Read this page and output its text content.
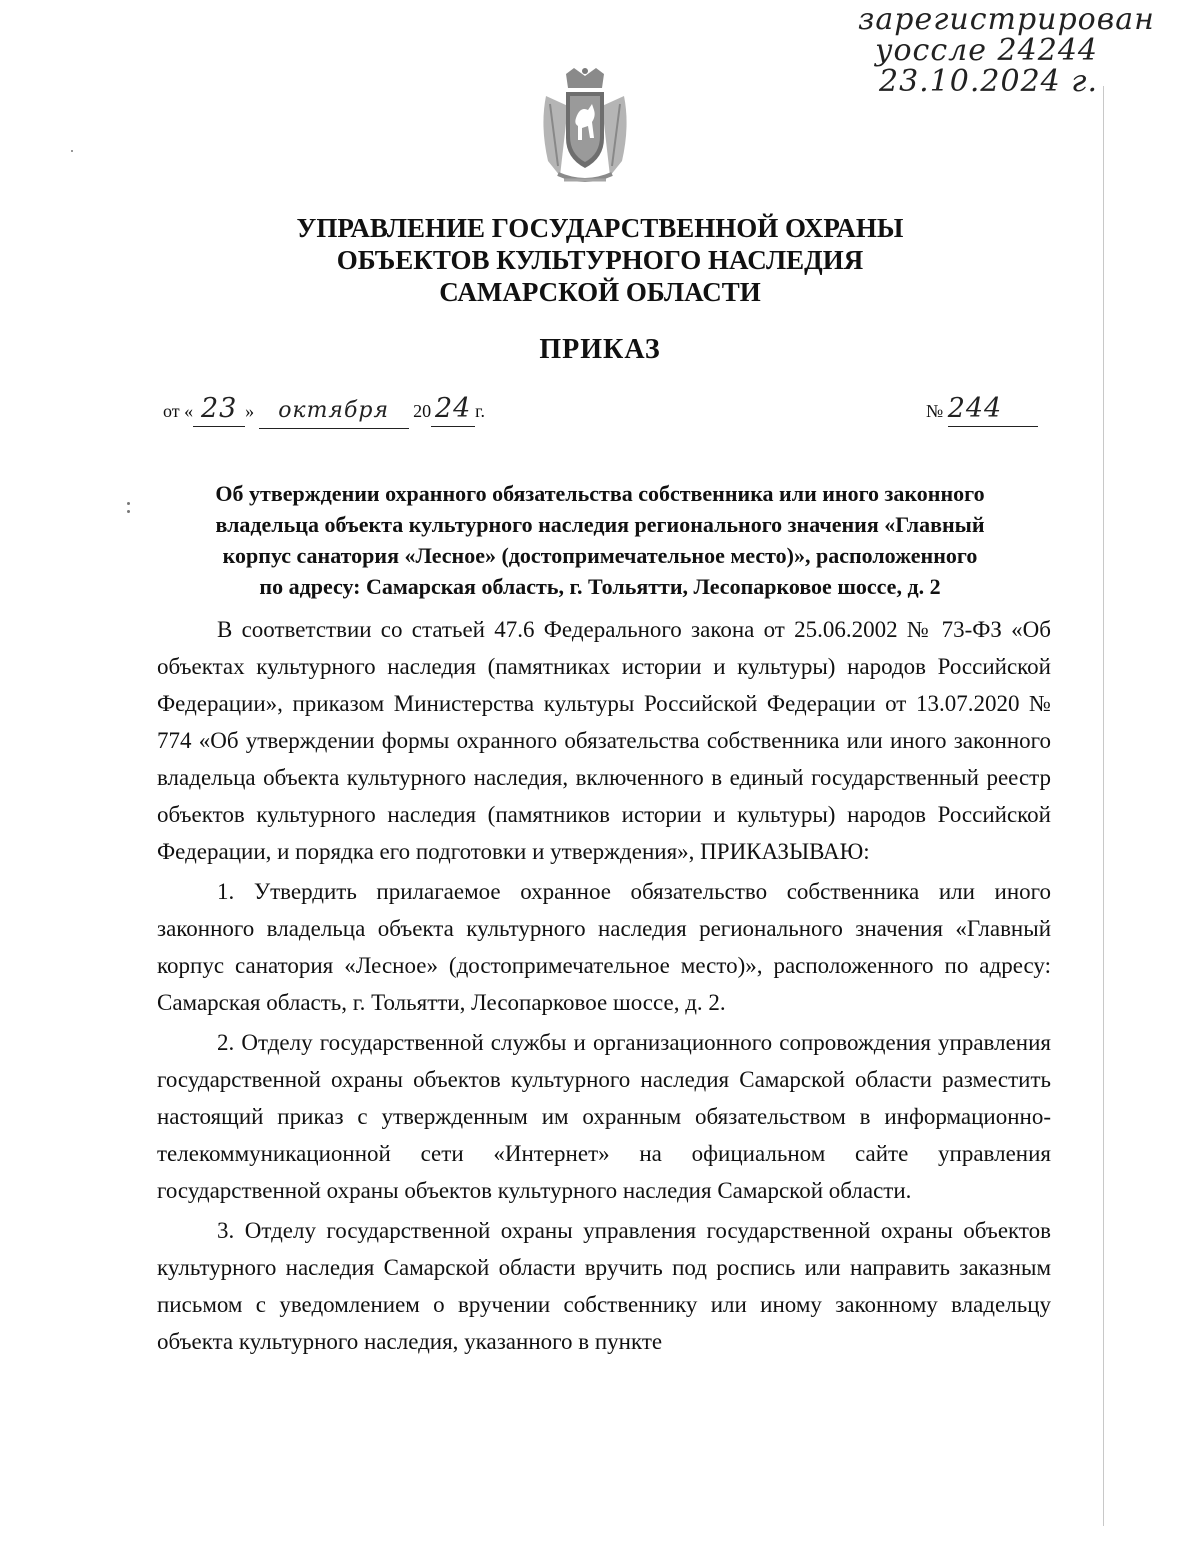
зарегистрирован
уоссле 24244
23.10.2024 г.
УПРАВЛЕНИЕ ГОСУДАРСТВЕННОЙ ОХРАНЫ
ОБЪЕКТОВ КУЛЬТУРНОГО НАСЛЕДИЯ
САМАРСКОЙ ОБЛАСТИ
ПРИКАЗ
от « 23 » октября 20 24 г.	№ 244
Об утверждении охранного обязательства собственника или иного законного
владельца объекта культурного наследия регионального значения «Главный
корпус санатория «Лесное» (достопримечательное место)», расположенного
по адресу: Самарская область, г. Тольятти, Лесопарковое шоссе, д. 2

В соответствии со статьей 47.6 Федерального закона от 25.06.2002 № 73-ФЗ «Об объектах культурного наследия (памятниках истории и культуры) народов Российской Федерации», приказом Министерства культуры Российской Федерации от 13.07.2020 № 774 «Об утверждении формы охранного обязательства собственника или иного законного владельца объекта культурного наследия, включенного в единый государственный реестр объектов культурного наследия (памятников истории и культуры) народов Российской Федерации, и порядка его подготовки и утверждения», ПРИКАЗЫВАЮ:

1. Утвердить прилагаемое охранное обязательство собственника или иного законного владельца объекта культурного наследия регионального значения «Главный корпус санатория «Лесное» (достопримечательное место)», расположенного по адресу: Самарская область, г. Тольятти, Лесопарковое шоссе, д. 2.

2. Отделу государственной службы и организационного сопровождения управления государственной охраны объектов культурного наследия Самарской области разместить настоящий приказ с утвержденным им охранным обязательством в информационно-телекоммуникационной сети «Интернет» на официальном сайте управления государственной охраны объектов культурного наследия Самарской области.

3. Отделу государственной охраны управления государственной охраны объектов культурного наследия Самарской области вручить под роспись или направить заказным письмом с уведомлением о вручении собственнику или иному законному владельцу объекта культурного наследия, указанного в пункте
